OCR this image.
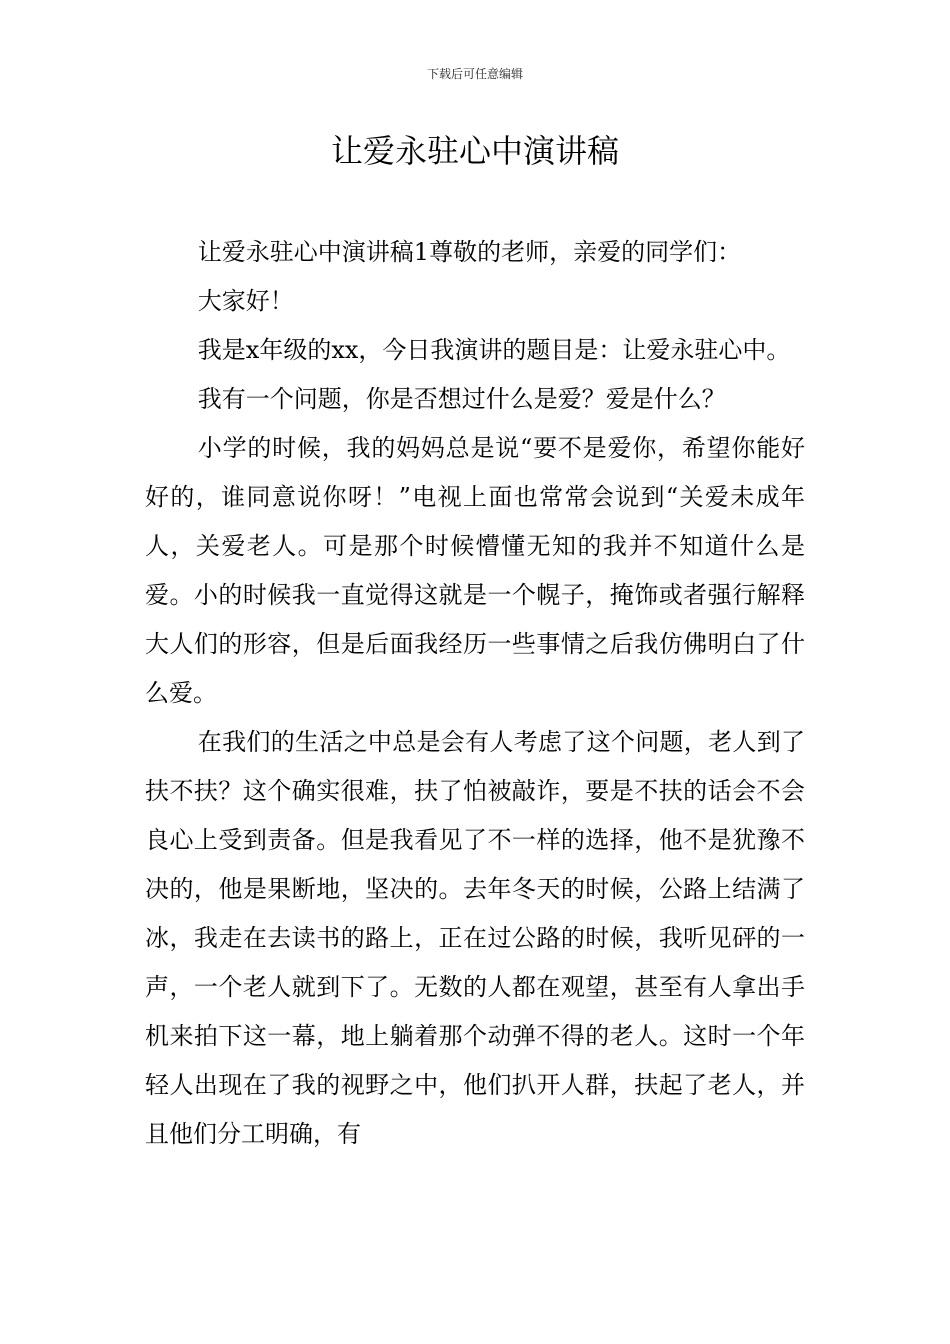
下载后可任意编辑
让爱永驻心中演讲稿

让爱永驻心中演讲稿1尊敬的老师，亲爱的同学们：

大家好！

我是x年级的xx，今日我演讲的题目是：让爱永驻心中。

我有一个问题，你是否想过什么是爱？爱是什么？

小学的时候，我的妈妈总是说“要不是爱你，希望你能好好的，谁同意说你呀！”电视上面也常常会说到“关爱未成年人，关爱老人。可是那个时候懵懂无知的我并不知道什么是爱。小的时候我一直觉得这就是一个幌子，掩饰或者强行解释大人们的形容，但是后面我经历一些事情之后我仿佛明白了什么爱。

在我们的生活之中总是会有人考虑了这个问题，老人到了扶不扶？这个确实很难，扶了怕被敲诈，要是不扶的话会不会良心上受到责备。但是我看见了不一样的选择，他不是犹豫不决的，他是果断地，坚决的。去年冬天的时候，公路上结满了冰，我走在去读书的路上，正在过公路的时候，我听见砰的一声，一个老人就到下了。无数的人都在观望，甚至有人拿出手机来拍下这一幕，地上躺着那个动弹不得的老人。这时一个年轻人出现在了我的视野之中，他们扒开人群，扶起了老人，并且他们分工明确，有
